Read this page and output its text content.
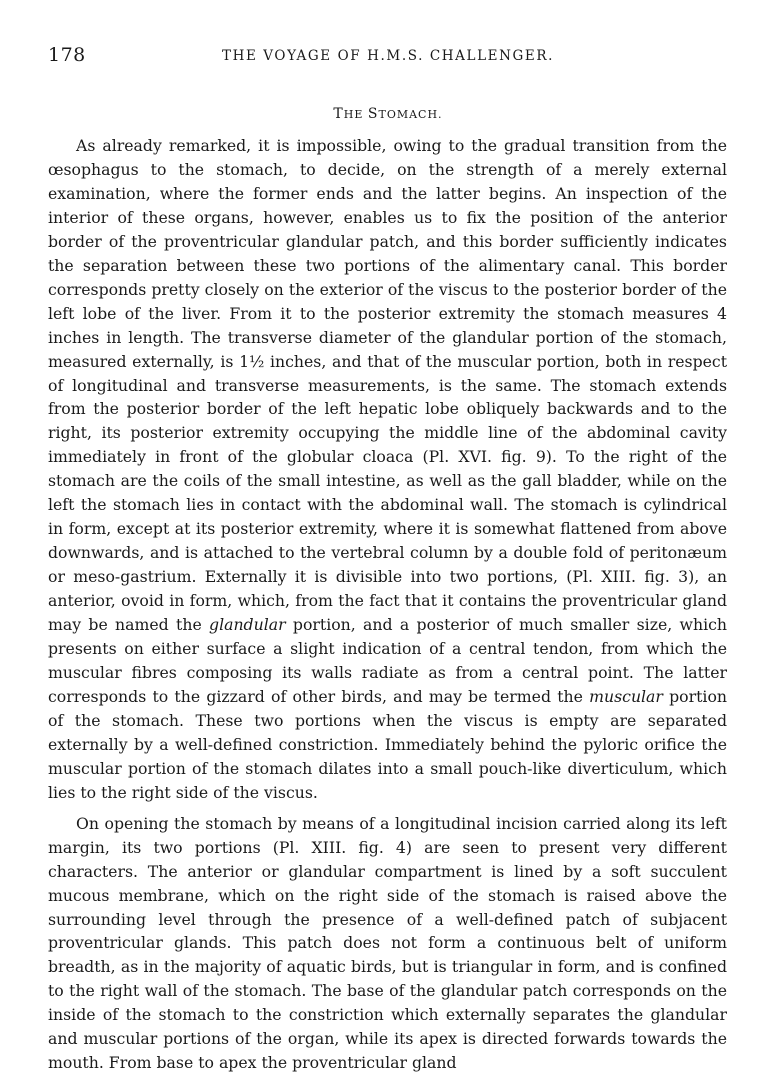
178	THE VOYAGE OF H.M.S. CHALLENGER.
THE STOMACH.

As already remarked, it is impossible, owing to the gradual transition from the œsophagus to the stomach, to decide, on the strength of a merely external examination, where the former ends and the latter begins. An inspection of the interior of these organs, however, enables us to fix the position of the anterior border of the proventricular glandular patch, and this border sufficiently indicates the separation between these two portions of the alimentary canal. This border corresponds pretty closely on the exterior of the viscus to the posterior border of the left lobe of the liver. From it to the posterior extremity the stomach measures 4 inches in length. The transverse diameter of the glandular portion of the stomach, measured externally, is 1½ inches, and that of the muscular portion, both in respect of longitudinal and transverse measurements, is the same. The stomach extends from the posterior border of the left hepatic lobe obliquely backwards and to the right, its posterior extremity occupying the middle line of the abdominal cavity immediately in front of the globular cloaca (Pl. XVI. fig. 9). To the right of the stomach are the coils of the small intestine, as well as the gall bladder, while on the left the stomach lies in contact with the abdominal wall. The stomach is cylindrical in form, except at its posterior extremity, where it is somewhat flattened from above downwards, and is attached to the vertebral column by a double fold of peritonæum or meso-gastrium. Externally it is divisible into two portions, (Pl. XIII. fig. 3), an anterior, ovoid in form, which, from the fact that it contains the proventricular gland may be named the glandular portion, and a posterior of much smaller size, which presents on either surface a slight indication of a central tendon, from which the muscular fibres composing its walls radiate as from a central point. The latter corresponds to the gizzard of other birds, and may be termed the muscular portion of the stomach. These two portions when the viscus is empty are separated externally by a well-defined constriction. Immediately behind the pyloric orifice the muscular portion of the stomach dilates into a small pouch-like diverticulum, which lies to the right side of the viscus.

On opening the stomach by means of a longitudinal incision carried along its left margin, its two portions (Pl. XIII. fig. 4) are seen to present very different characters. The anterior or glandular compartment is lined by a soft succulent mucous membrane, which on the right side of the stomach is raised above the surrounding level through the presence of a well-defined patch of subjacent proventricular glands. This patch does not form a continuous belt of uniform breadth, as in the majority of aquatic birds, but is triangular in form, and is confined to the right wall of the stomach. The base of the glandular patch corresponds on the inside of the stomach to the constriction which externally separates the glandular and muscular portions of the organ, while its apex is directed forwards towards the mouth. From base to apex the proventricular gland
